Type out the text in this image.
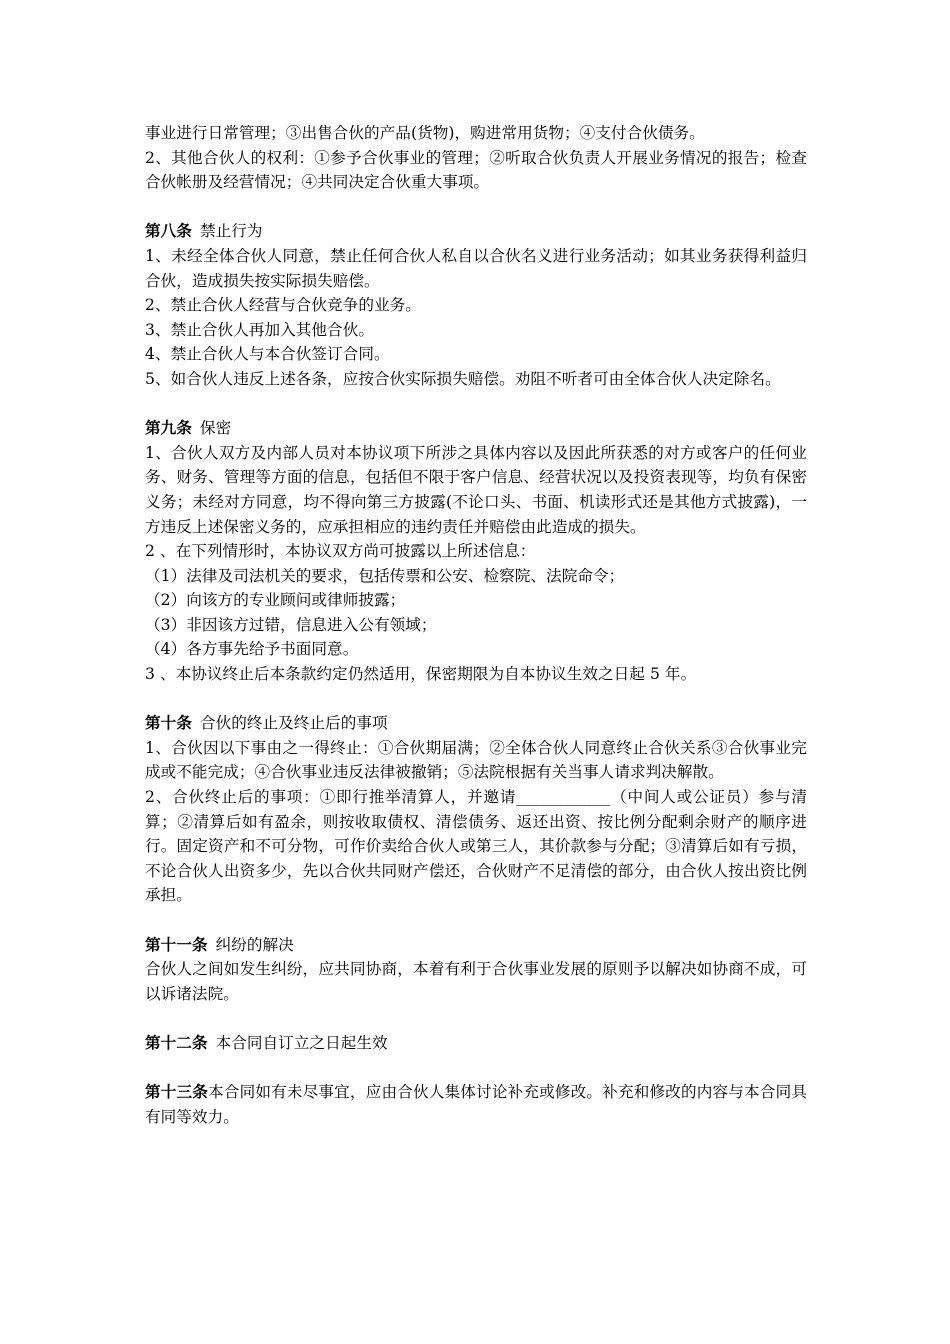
事业进行日常管理；③出售合伙的产品(货物)，购进常用货物；④支付合伙债务。

2、其他合伙人的权利：①参予合伙事业的管理；②听取合伙负责人开展业务情况的报告；检查合伙帐册及经营情况；④共同决定合伙重大事项。

第八条 禁止行为

1、未经全体合伙人同意，禁止任何合伙人私自以合伙名义进行业务活动；如其业务获得利益归合伙，造成损失按实际损失赔偿。

2、禁止合伙人经营与合伙竞争的业务。

3、禁止合伙人再加入其他合伙。

4、禁止合伙人与本合伙签订合同。

5、如合伙人违反上述各条，应按合伙实际损失赔偿。劝阻不听者可由全体合伙人决定除名。

第九条 保密

1、合伙人双方及内部人员对本协议项下所涉之具体内容以及因此所获悉的对方或客户的任何业务、财务、管理等方面的信息，包括但不限于客户信息、经营状况以及投资表现等，均负有保密义务；未经对方同意，均不得向第三方披露(不论口头、书面、机读形式还是其他方式披露)，一方违反上述保密义务的，应承担相应的违约责任并赔偿由此造成的损失。

2 、在下列情形时，本协议双方尚可披露以上所述信息：

（1）法律及司法机关的要求，包括传票和公安、检察院、法院命令；

（2）向该方的专业顾问或律师披露；

（3）非因该方过错，信息进入公有领域；

（4）各方事先给予书面同意。

3 、本协议终止后本条款约定仍然适用，保密期限为自本协议生效之日起 5 年。

第十条 合伙的终止及终止后的事项

1、合伙因以下事由之一得终止：①合伙期届满；②全体合伙人同意终止合伙关系③合伙事业完成或不能完成；④合伙事业违反法律被撤销；⑤法院根据有关当事人请求判决解散。

2、合伙终止后的事项：①即行推举清算人，并邀请____________（中间人或公证员）参与清算；②清算后如有盈余，则按收取债权、清偿债务、返还出资、按比例分配剩余财产的顺序进行。固定资产和不可分物，可作价卖给合伙人或第三人，其价款参与分配；③清算后如有亏损，不论合伙人出资多少，先以合伙共同财产偿还，合伙财产不足清偿的部分，由合伙人按出资比例承担。

第十一条 纠纷的解决

合伙人之间如发生纠纷，应共同协商，本着有利于合伙事业发展的原则予以解决如协商不成，可以诉诸法院。

第十二条 本合同自订立之日起生效

第十三条本合同如有未尽事宜，应由合伙人集体讨论补充或修改。补充和修改的内容与本合同具有同等效力。
